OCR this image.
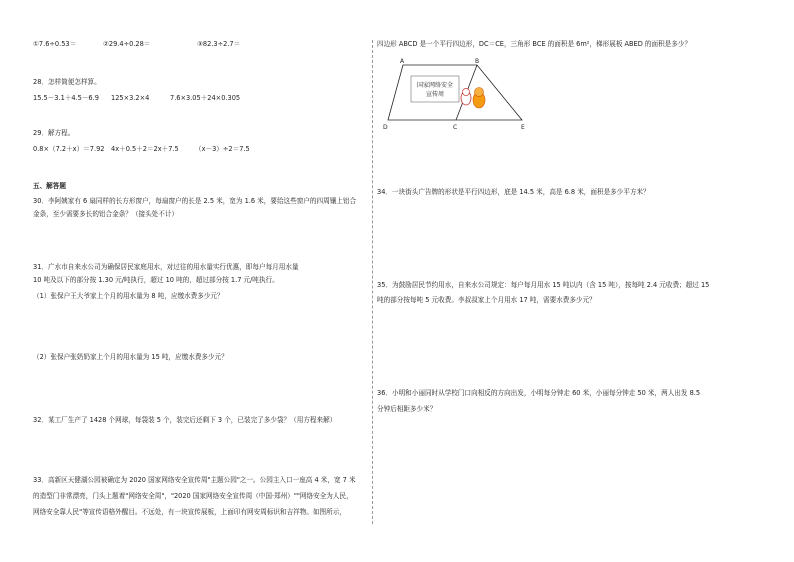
①7.6÷0.53＝	②29.4÷0.28＝	③82.3÷2.7＝
28．怎样简便怎样算。
15.5－3.1＋4.5－6.9 125×3.2×4	7.6×3.05＋24×0.305
29．解方程。
0.8×（7.2＋x）＝7.92 4x＋0.5＋2＝2x＋7.5 （x－3）÷2＝7.5
五、解答题
30．李阿姨家有 6 扇同样的长方形窗户，每扇窗户的长是 2.5 米，宽为 1.6 米，要给这些窗户的四周镶上铝合
金条，至少需要多长的铝合金条？（接头处不计）
31．广水市自来水公司为确保居民家庭用水，对过往的用水量实行优惠，即每户每月用水量
10 吨及以下的部分按 1.30 元/吨执行，超过 10 吨的，超过部分按 1.7 元/吨执行。
（1）张保户王大爷家上个月的用水量为 8 吨，应缴水费多少元？
（2）张保户张奶奶家上个月的用水量为 15 吨，应缴水费多少元？
32．某工厂生产了 1428 个网球，每袋装 5 个，装完后还剩下 3 个，已装完了多少袋？（用方程来解）
33．高新区天健湖公园被确定为 2020 国家网络安全宣传周"主题公园"之一。公园主入口一座高 4 米，宽 7 米
的造型门非常漂亮，门头上题着"网络安全周"，"2020 国家网络安全宣传周（中国·郑州）""网络安全为人民，
网络安全靠人民"等宣传语格外醒目。不远处，有一块宣传展板，上面印有网安周标识和吉祥物。如图所示，
四边形 ABCD 是一个平行四边形，DC＝CE，三角形 BCE 的面积是 6m²，梯形展板 ABED 的面积是多少？
国家网络安全
宣传周
A	B
C
D	E
34．一块街头广告牌的形状是平行四边形，底是 14.5 米，高是 6.8 米，面积是多少平方米？
35．为鼓励居民节约用水，自来水公司规定：每户每月用水 15 吨以内（含 15 吨），按每吨 2.4 元收费；超过 15
吨的部分按每吨 5 元收费。李叔叔家上个月用水 17 吨，需要水费多少元？
36．小明和小丽同时从学校门口向相反的方向出发，小明每分钟走 60 米，小丽每分钟走 50 米，两人出发 8.5
分钟后相距多少米？
